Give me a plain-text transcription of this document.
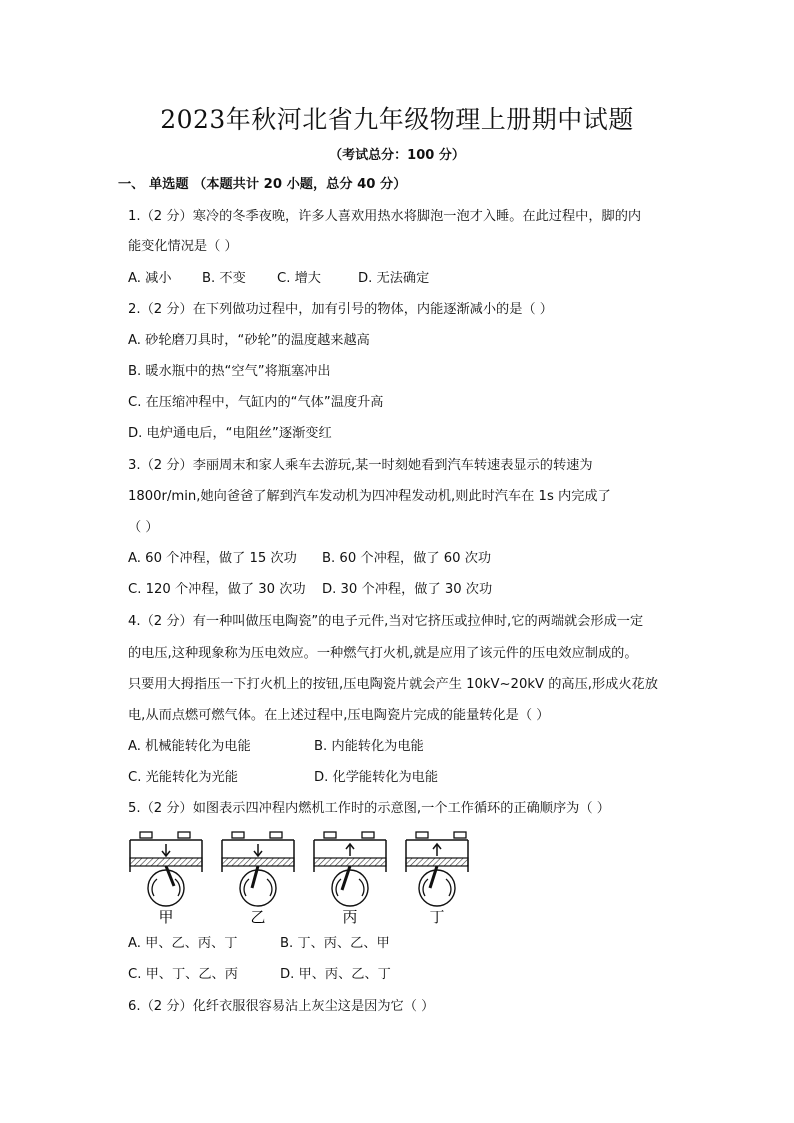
2023年秋河北省九年级物理上册期中试题
（考试总分：100 分）
一、 单选题 （本题共计 20 小题，总分 40 分）
1.（2 分）寒冷的冬季夜晚，许多人喜欢用热水将脚泡一泡才入睡。在此过程中，脚的内
能变化情况是（ ）
A. 减小 B. 不变 C. 增大	D. 无法确定
2.（2 分）在下列做功过程中，加有引号的物体，内能逐渐减小的是（ ）
A. 砂轮磨刀具时，“砂轮”的温度越来越高
B. 暖水瓶中的热“空气”将瓶塞冲出
C. 在压缩冲程中，气缸内的“气体”温度升高
D. 电炉通电后，“电阻丝”逐渐变红
3.（2 分）李丽周末和家人乘车去游玩,某一时刻她看到汽车转速表显示的转速为
1800r/min,她向爸爸了解到汽车发动机为四冲程发动机,则此时汽车在 1s 内完成了
（ ）
A. 60 个冲程，做了 15 次功 B. 60 个冲程，做了 60 次功
C. 120 个冲程，做了 30 次功 D. 30 个冲程，做了 30 次功
4.（2 分）有一种叫做压电陶瓷”的电子元件,当对它挤压或拉伸时,它的两端就会形成一定
的电压,这种现象称为压电效应。一种燃气打火机,就是应用了该元件的压电效应制成的。
只要用大拇指压一下打火机上的按钮,压电陶瓷片就会产生 10kV~20kV 的高压,形成火花放
电,从而点燃可燃气体。在上述过程中,压电陶瓷片完成的能量转化是（ ）
A. 机械能转化为电能	B. 内能转化为电能
C. 光能转化为光能	D. 化学能转化为电能
5.（2 分）如图表示四冲程内燃机工作时的示意图,一个工作循环的正确顺序为（ ）
甲	乙	丙	丁
A. 甲、乙、丙、丁	B. 丁、丙、乙、甲
C. 甲、丁、乙、丙	D. 甲、丙、乙、丁
6.（2 分）化纤衣服很容易沾上灰尘这是因为它（ ）
